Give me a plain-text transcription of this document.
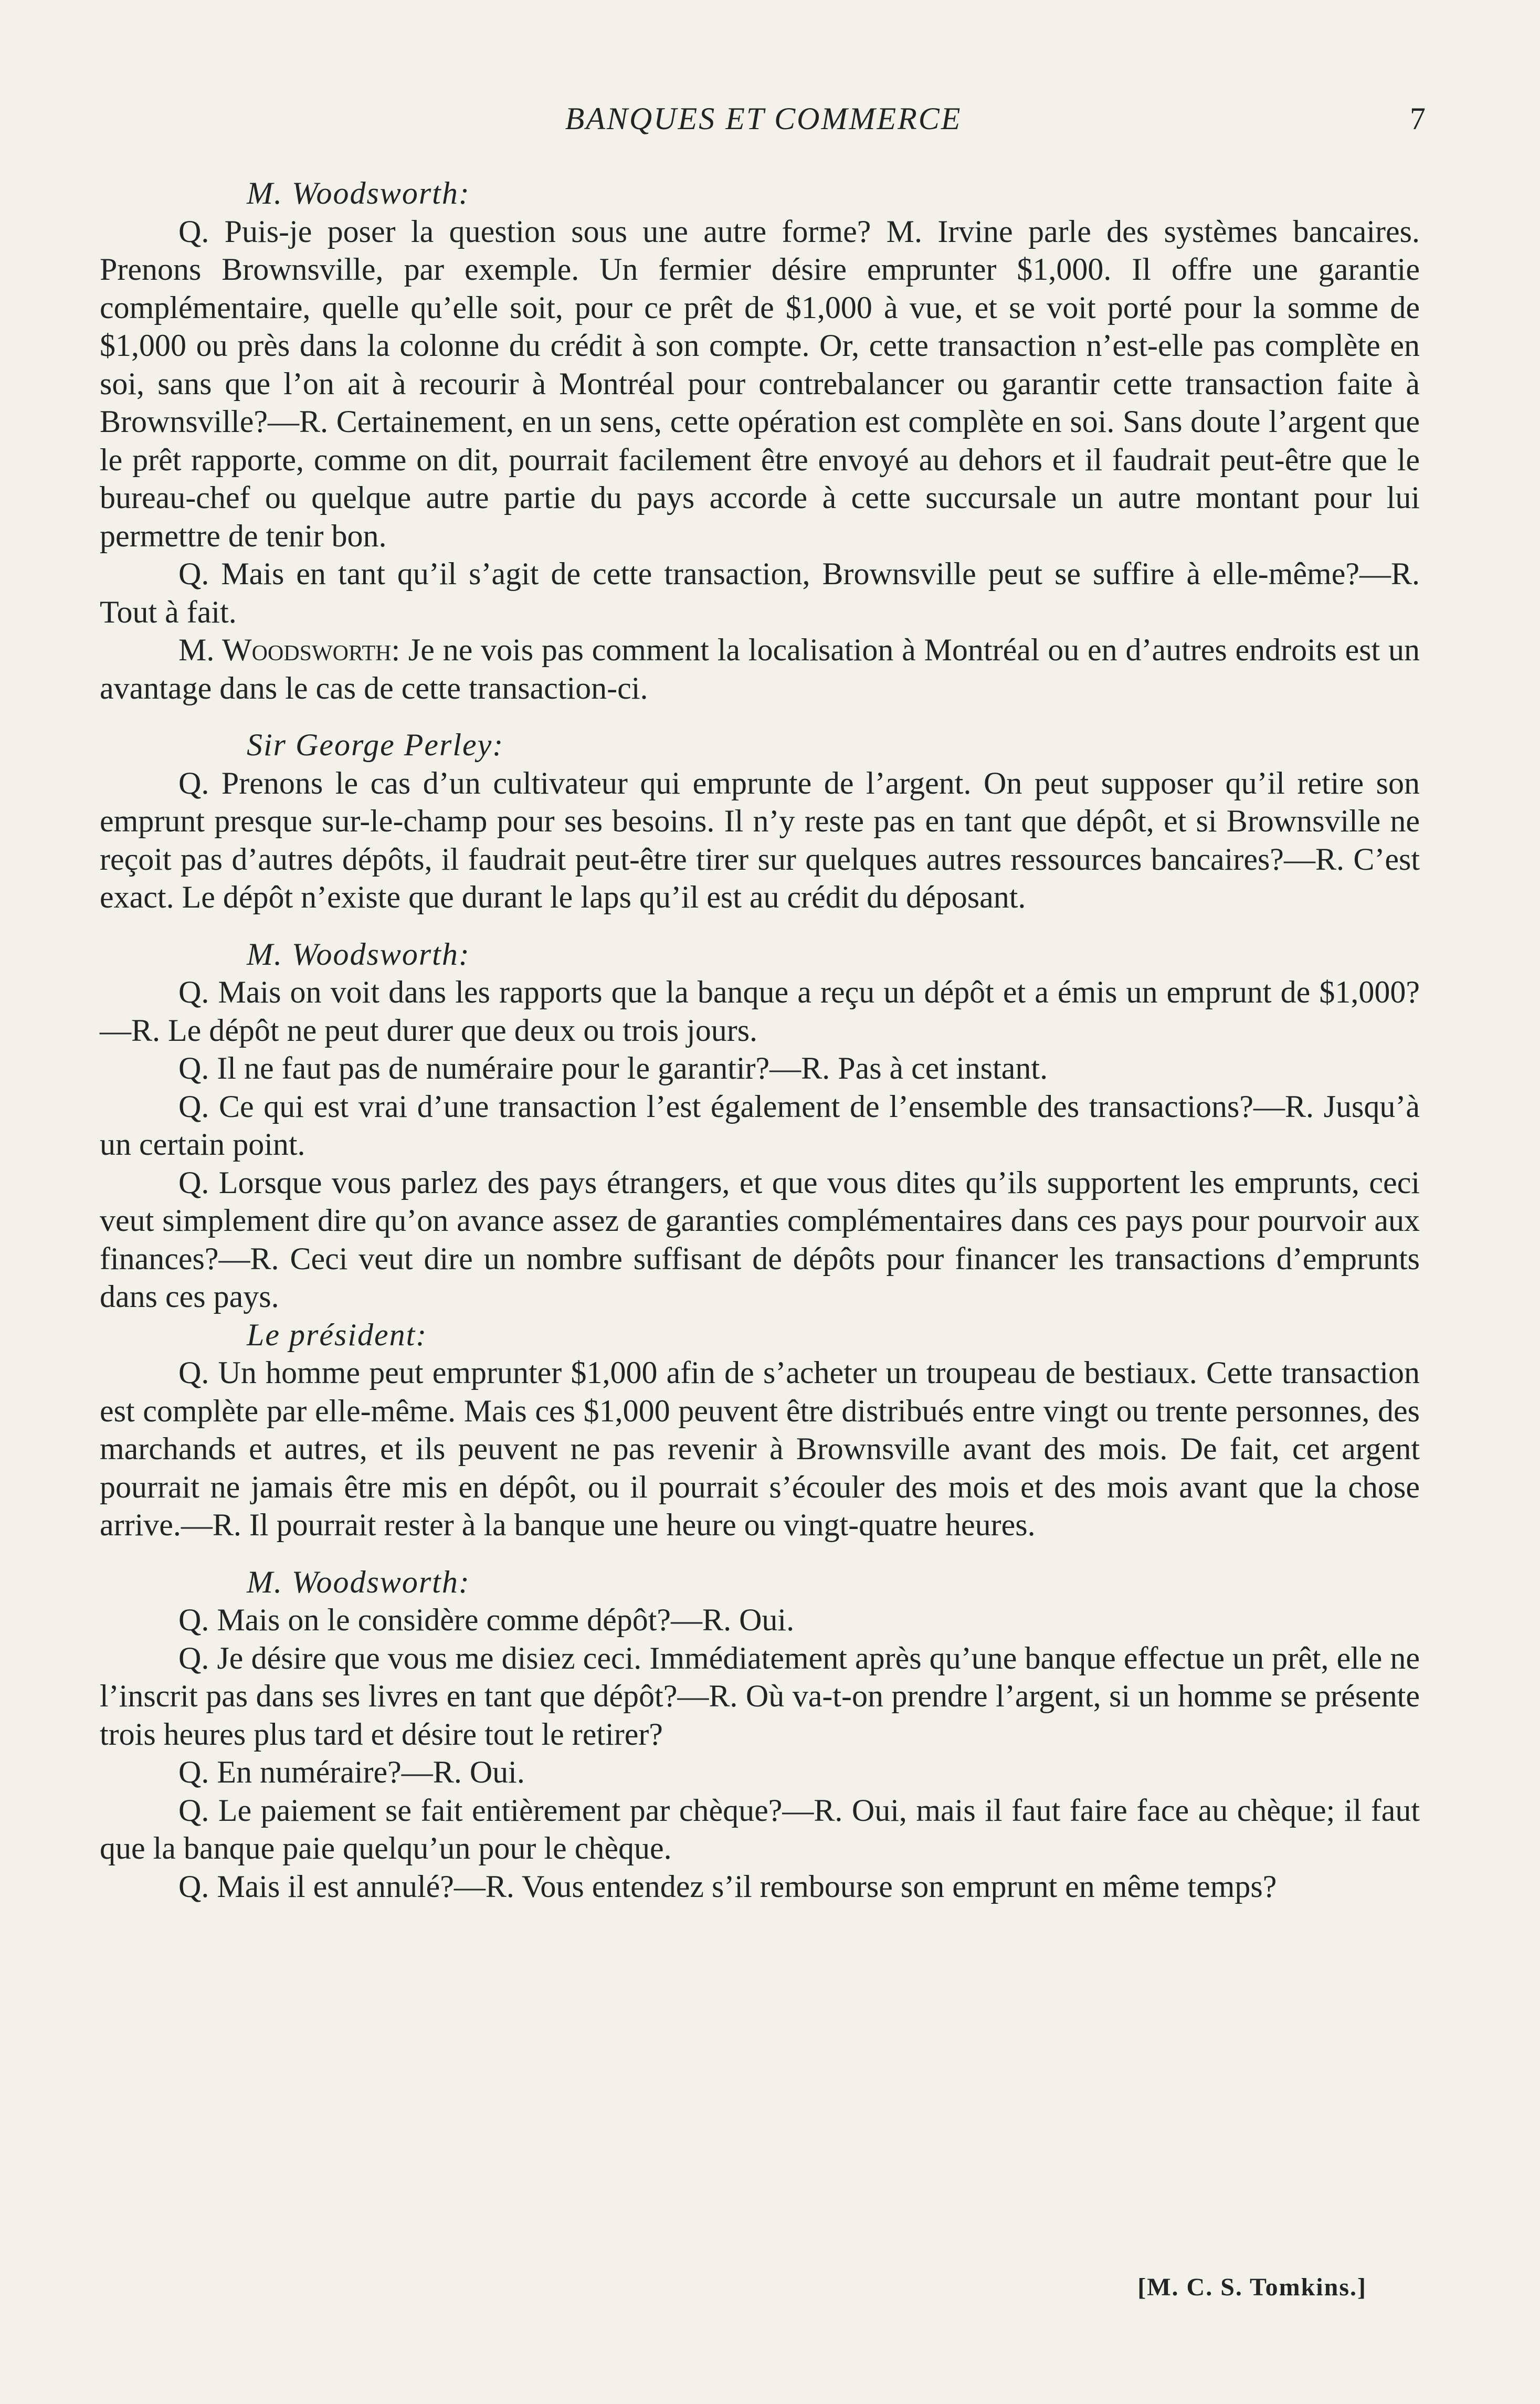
BANQUES ET COMMERCE	7
M. Woodsworth:

Q. Puis-je poser la question sous une autre forme? M. Irvine parle des systèmes bancaires. Prenons Brownsville, par exemple. Un fermier désire emprunter $1,000. Il offre une garantie complémentaire, quelle qu’elle soit, pour ce prêt de $1,000 à vue, et se voit porté pour la somme de $1,000 ou près dans la colonne du crédit à son compte. Or, cette transaction n’est-elle pas complète en soi, sans que l’on ait à recourir à Montréal pour contrebalancer ou garantir cette transaction faite à Brownsville?—R. Certainement, en un sens, cette opération est complète en soi. Sans doute l’argent que le prêt rapporte, comme on dit, pourrait facilement être envoyé au dehors et il faudrait peut-être que le bureau-chef ou quelque autre partie du pays accorde à cette succursale un autre montant pour lui permettre de tenir bon.

Q. Mais en tant qu’il s’agit de cette transaction, Brownsville peut se suffire à elle-même?—R. Tout à fait.

M. Woodsworth: Je ne vois pas comment la localisation à Montréal ou en d’autres endroits est un avantage dans le cas de cette transaction-ci.

Sir George Perley:

Q. Prenons le cas d’un cultivateur qui emprunte de l’argent. On peut supposer qu’il retire son emprunt presque sur-le-champ pour ses besoins. Il n’y reste pas en tant que dépôt, et si Brownsville ne reçoit pas d’autres dépôts, il faudrait peut-être tirer sur quelques autres ressources bancaires?—R. C’est exact. Le dépôt n’existe que durant le laps qu’il est au crédit du déposant.

M. Woodsworth:

Q. Mais on voit dans les rapports que la banque a reçu un dépôt et a émis un emprunt de $1,000?—R. Le dépôt ne peut durer que deux ou trois jours.

Q. Il ne faut pas de numéraire pour le garantir?—R. Pas à cet instant.

Q. Ce qui est vrai d’une transaction l’est également de l’ensemble des transactions?—R. Jusqu’à un certain point.

Q. Lorsque vous parlez des pays étrangers, et que vous dites qu’ils supportent les emprunts, ceci veut simplement dire qu’on avance assez de garanties complémentaires dans ces pays pour pourvoir aux finances?—R. Ceci veut dire un nombre suffisant de dépôts pour financer les transactions d’emprunts dans ces pays.

Le président:

Q. Un homme peut emprunter $1,000 afin de s’acheter un troupeau de bestiaux. Cette transaction est complète par elle-même. Mais ces $1,000 peuvent être distribués entre vingt ou trente personnes, des marchands et autres, et ils peuvent ne pas revenir à Brownsville avant des mois. De fait, cet argent pourrait ne jamais être mis en dépôt, ou il pourrait s’écouler des mois et des mois avant que la chose arrive.—R. Il pourrait rester à la banque une heure ou vingt-quatre heures.

M. Woodsworth:

Q. Mais on le considère comme dépôt?—R. Oui.

Q. Je désire que vous me disiez ceci. Immédiatement après qu’une banque effectue un prêt, elle ne l’inscrit pas dans ses livres en tant que dépôt?—R. Où va-t-on prendre l’argent, si un homme se présente trois heures plus tard et désire tout le retirer?

Q. En numéraire?—R. Oui.

Q. Le paiement se fait entièrement par chèque?—R. Oui, mais il faut faire face au chèque; il faut que la banque paie quelqu’un pour le chèque.

Q. Mais il est annulé?—R. Vous entendez s’il rembourse son emprunt en même temps?

[M. C. S. Tomkins.]
